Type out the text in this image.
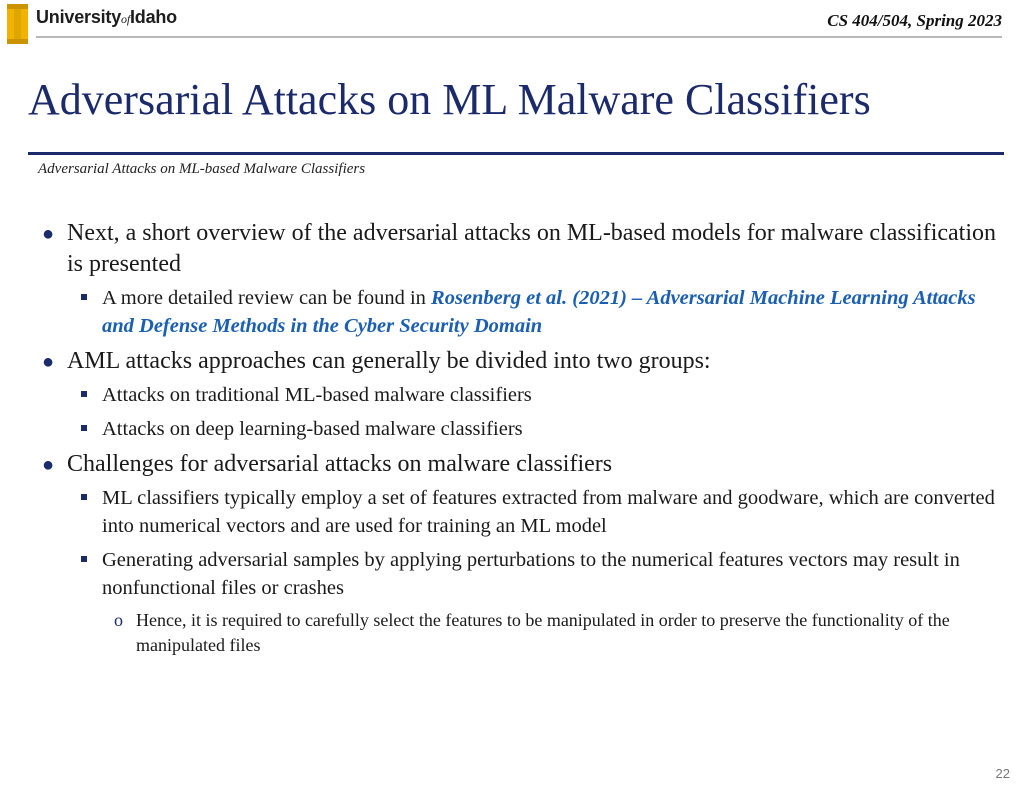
UniversityofIdaho	CS 404/504, Spring 2023
Adversarial Attacks on ML Malware Classifiers
Adversarial Attacks on ML-based Malware Classifiers
● Next, a short overview of the adversarial attacks on ML-based models for malware classification is presented
A more detailed review can be found in Rosenberg et al. (2021) – Adversarial Machine Learning Attacks and Defense Methods in the Cyber Security Domain
● AML attacks approaches can generally be divided into two groups:
Attacks on traditional ML-based malware classifiers
Attacks on deep learning-based malware classifiers
● Challenges for adversarial attacks on malware classifiers
ML classifiers typically employ a set of features extracted from malware and goodware, which are converted into numerical vectors and are used for training an ML model
Generating adversarial samples by applying perturbations to the numerical features vectors may result in nonfunctional files or crashes
o Hence, it is required to carefully select the features to be manipulated in order to preserve the functionality of the manipulated files
22
